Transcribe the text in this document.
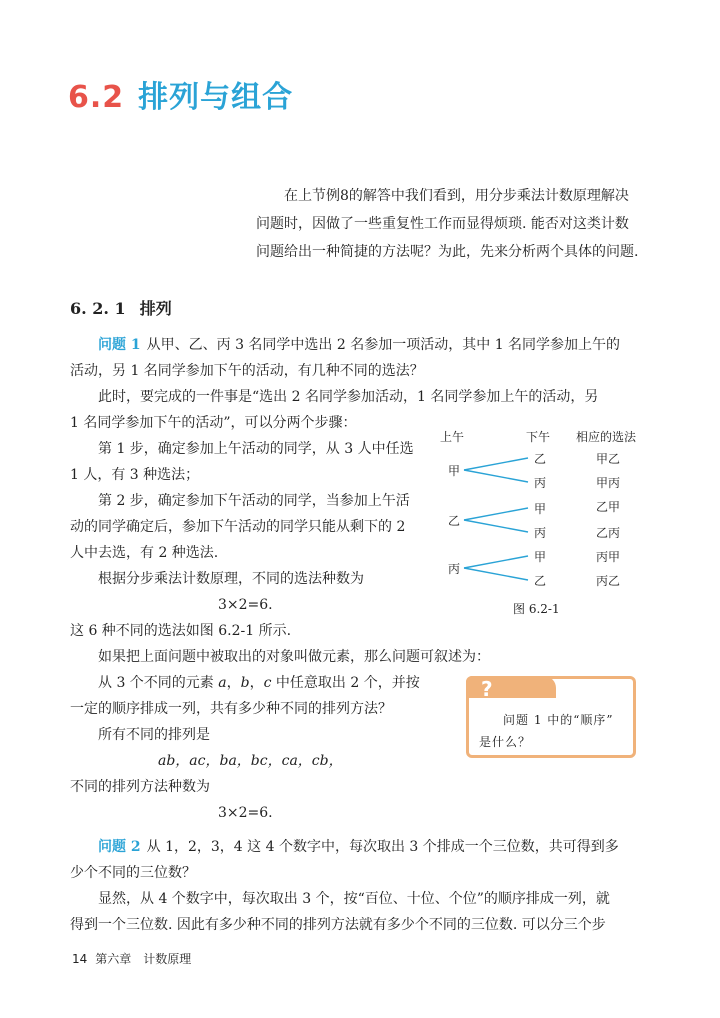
6.2 排列与组合

在上节例8的解答中我们看到，用分步乘法计数原理解决

问题时，因做了一些重复性工作而显得烦琐. 能否对这类计数

问题给出一种简捷的方法呢？为此，先来分析两个具体的问题.

6. 2. 1 排列

问题 1 从甲、乙、丙 3 名同学中选出 2 名参加一项活动，其中 1 名同学参加上午的

活动，另 1 名同学参加下午的活动，有几种不同的选法？

此时，要完成的一件事是“选出 2 名同学参加活动，1 名同学参加上午的活动，另

1 名同学参加下午的活动”，可以分两个步骤：

第 1 步，确定参加上午活动的同学，从 3 人中任选

1 人，有 3 种选法；

第 2 步，确定参加下午活动的同学，当参加上午活

动的同学确定后，参加下午活动的同学只能从剩下的 2

人中去选，有 2 种选法.

根据分步乘法计数原理，不同的选法种数为

3×2=6.

这 6 种不同的选法如图 6.2-1 所示.

如果把上面问题中被取出的对象叫做元素，那么问题可叙述为：

从 3 个不同的元素 a，b，c 中任意取出 2 个，并按

一定的顺序排成一列，共有多少种不同的排列方法？

所有不同的排列是

ab，ac，ba，bc，ca，cb，

不同的排列方法种数为

3×2=6.

上午	下午 相应的选法
甲
乙
丙
乙
丙
甲
丙
甲
乙
甲乙
甲丙
乙甲
乙丙
丙甲
丙乙
图 6.2-1
?
问题 1 中的“顺序”
是什么？

问题 2 从 1，2，3，4 这 4 个数字中，每次取出 3 个排成一个三位数，共可得到多

少个不同的三位数？

显然，从 4 个数字中，每次取出 3 个，按“百位、十位、个位”的顺序排成一列，就

得到一个三位数. 因此有多少种不同的排列方法就有多少个不同的三位数. 可以分三个步

14 第六章　计数原理
